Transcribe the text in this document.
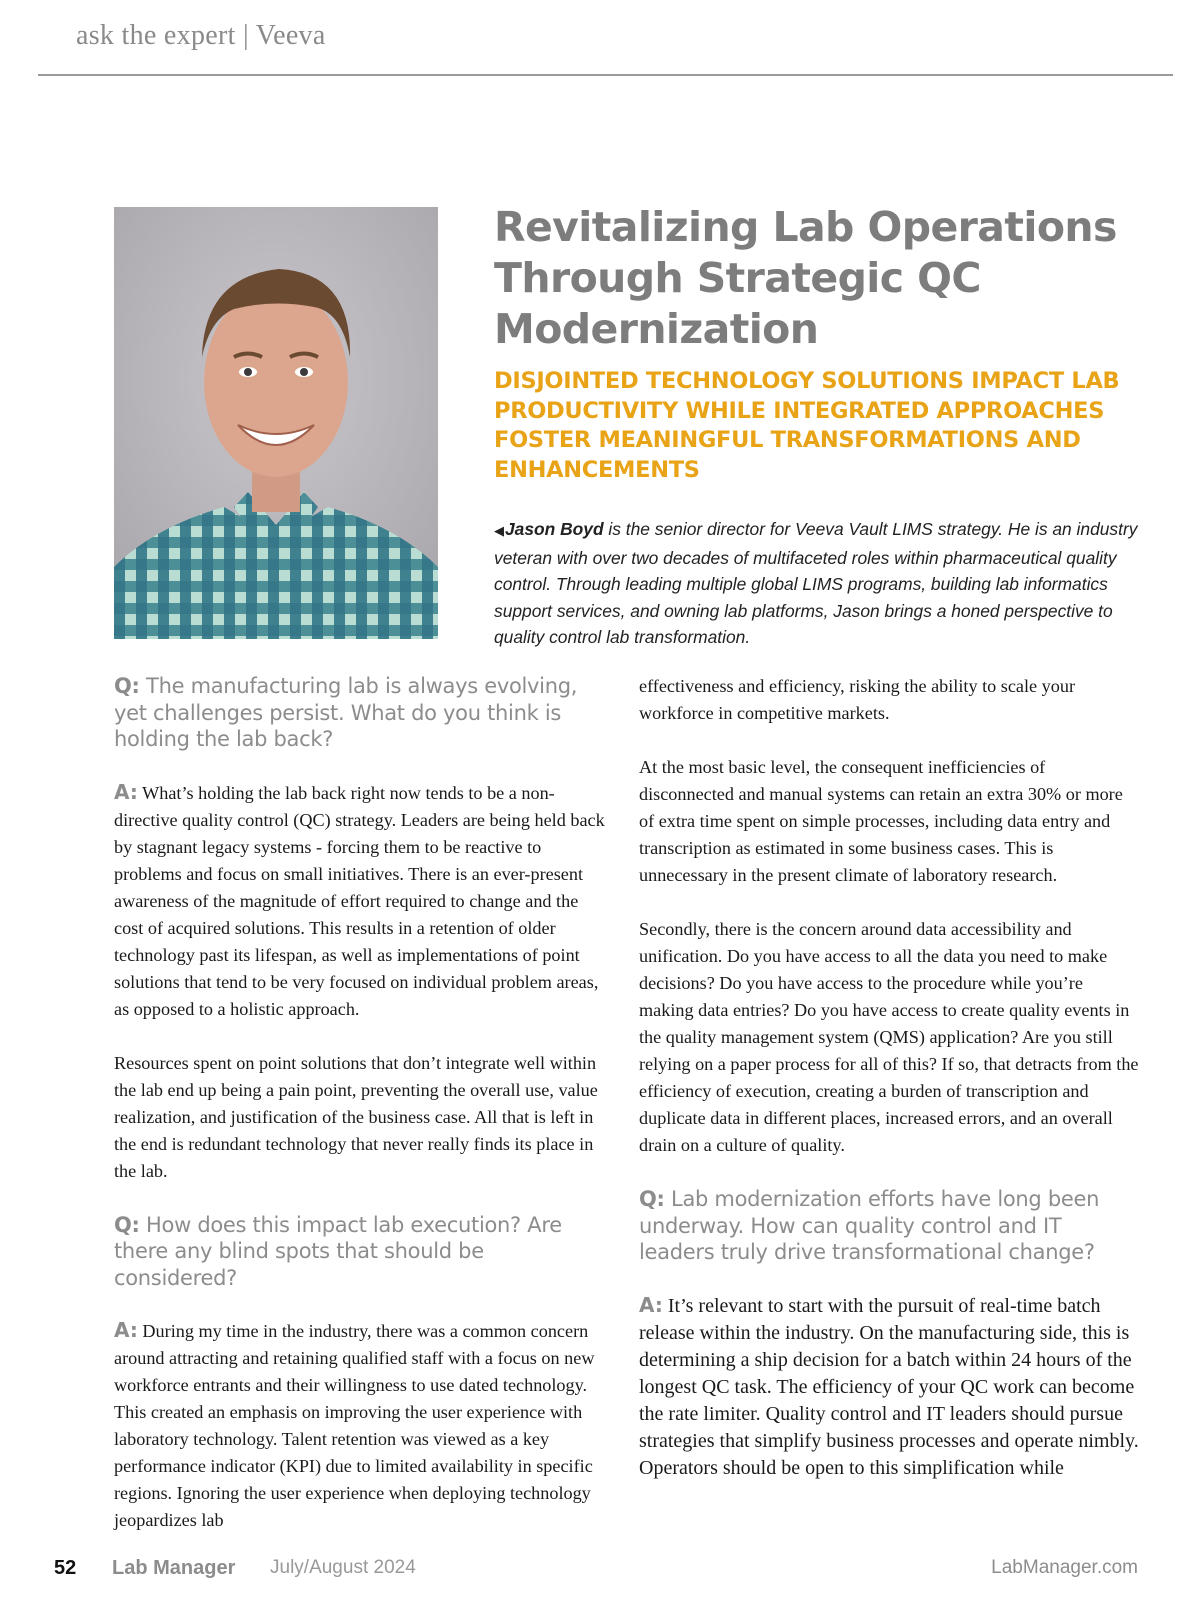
ask the expert | Veeva
Revitalizing Lab Operations Through Strategic QC Modernization
DISJOINTED TECHNOLOGY SOLUTIONS IMPACT LAB PRODUCTIVITY WHILE INTEGRATED APPROACHES FOSTER MEANINGFUL TRANSFORMATIONS AND ENHANCEMENTS
◀Jason Boyd is the senior director for Veeva Vault LIMS strategy. He is an industry veteran with over two decades of multifaceted roles within pharmaceutical quality control. Through leading multiple global LIMS programs, building lab informatics support services, and owning lab platforms, Jason brings a honed perspective to quality control lab transformation.
Q: The manufacturing lab is always evolving, yet challenges persist. What do you think is holding the lab back?

A: What’s holding the lab back right now tends to be a non-directive quality control (QC) strategy. Leaders are being held back by stagnant legacy systems - forcing them to be reactive to problems and focus on small initiatives. There is an ever-present awareness of the magnitude of effort required to change and the cost of acquired solutions. This results in a retention of older technology past its lifespan, as well as implementations of point solutions that tend to be very focused on individual problem areas, as opposed to a holistic approach.

Resources spent on point solutions that don’t integrate well within the lab end up being a pain point, preventing the overall use, value realization, and justification of the business case. All that is left in the end is redundant technology that never really finds its place in the lab.

Q: How does this impact lab execution? Are there any blind spots that should be considered?

A: During my time in the industry, there was a common concern around attracting and retaining qualified staff with a focus on new workforce entrants and their willingness to use dated technology. This created an emphasis on improving the user experience with laboratory technology. Talent retention was viewed as a key performance indicator (KPI) due to limited availability in specific regions. Ignoring the user experience when deploying technology jeopardizes lab

effectiveness and efficiency, risking the ability to scale your workforce in competitive markets.

At the most basic level, the consequent inefficiencies of disconnected and manual systems can retain an extra 30% or more of extra time spent on simple processes, including data entry and transcription as estimated in some business cases. This is unnecessary in the present climate of laboratory research.

Secondly, there is the concern around data accessibility and unification. Do you have access to all the data you need to make decisions? Do you have access to the procedure while you’re making data entries? Do you have access to create quality events in the quality management system (QMS) application? Are you still relying on a paper process for all of this? If so, that detracts from the efficiency of execution, creating a burden of transcription and duplicate data in different places, increased errors, and an overall drain on a culture of quality.

Q: Lab modernization efforts have long been underway. How can quality control and IT leaders truly drive transformational change?

A: It’s relevant to start with the pursuit of real-time batch release within the industry. On the manufacturing side, this is determining a ship decision for a batch within 24 hours of the longest QC task. The efficiency of your QC work can become the rate limiter. Quality control and IT leaders should pursue strategies that simplify business processes and operate nimbly. Operators should be open to this simplification while

52 Lab Manager July/August 2024	LabManager.com
